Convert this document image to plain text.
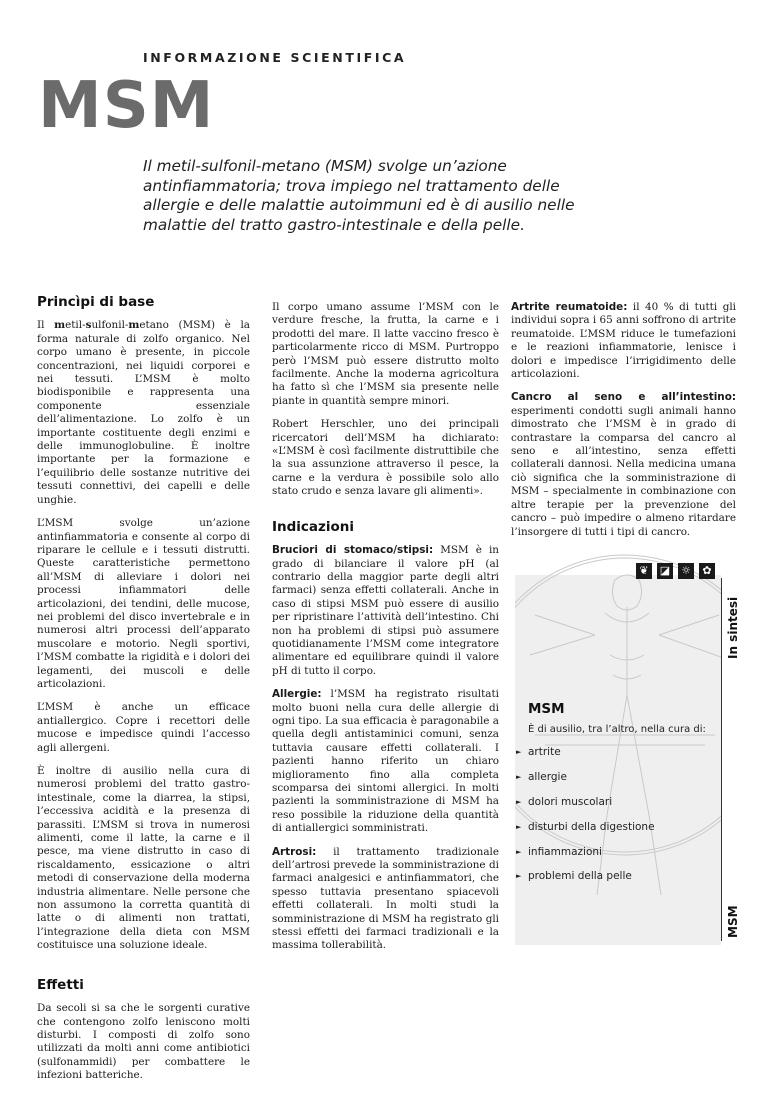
INFORMAZIONE SCIENTIFICA
MSM
Il metil-sulfonil-metano (MSM) svolge un’azione antinfiammatoria; trova impiego nel trattamento delle allergie e delle malattie autoimmuni ed è di ausilio nelle malattie del tratto gastro-intestinale e della pelle.
Princìpi di base

Il metil-sulfonil-metano (MSM) è la forma naturale di zolfo organico. Nel corpo umano è presente, in piccole concentrazioni, nei liquidi corporei e nei tessuti. L’MSM è molto biodisponibile e rappresenta una componente essenziale dell’alimentazione. Lo zolfo è un importante costituente degli enzimi e delle immunoglobuline. È inoltre importante per la formazione e l’equilibrio delle sostanze nutritive dei tessuti connettivi, dei capelli e delle unghie.

L’MSM svolge un’azione antinfiammatoria e consente al corpo di riparare le cellule e i tessuti distrutti. Queste caratteristiche permettono all’MSM di alleviare i dolori nei processi infiammatori delle articolazioni, dei tendini, delle mucose, nei problemi del disco invertebrale e in numerosi altri processi dell’apparato muscolare e motorio. Negli sportivi, l’MSM combatte la rigidità e i dolori dei legamenti, dei muscoli e delle articolazioni.

L’MSM è anche un efficace antiallergico. Copre i recettori delle mucose e impedisce quindi l’accesso agli allergeni.

È inoltre di ausilio nella cura di numerosi problemi del tratto gastro-intestinale, come la diarrea, la stipsi, l’eccessiva acidità e la presenza di parassiti. L’MSM si trova in numerosi alimenti, come il latte, la carne e il pesce, ma viene distrutto in caso di riscaldamento, essicazione o altri metodi di conservazione della moderna industria alimentare. Nelle persone che non assumono la corretta quantità di latte o di alimenti non trattati, l’integrazione della dieta con MSM costituisce una soluzione ideale.

Effetti

Da secoli si sa che le sorgenti curative che contengono zolfo leniscono molti disturbi. I composti di zolfo sono utilizzati da molti anni come antibiotici (sulfonammidi) per combattere le infezioni batteriche.

Il corpo umano assume l’MSM con le verdure fresche, la frutta, la carne e i prodotti del mare. Il latte vaccino fresco è particolarmente ricco di MSM. Purtroppo però l’MSM può essere distrutto molto facilmente. Anche la moderna agricoltura ha fatto sì che l’MSM sia presente nelle piante in quantità sempre minori.

Robert Herschler, uno dei principali ricercatori dell’MSM ha dichiarato: «L’MSM è così facilmente distruttibile che la sua assunzione attraverso il pesce, la carne e la verdura è possibile solo allo stato crudo e senza lavare gli alimenti».

Indicazioni

Bruciori di stomaco/stipsi: MSM è in grado di bilanciare il valore pH (al contrario della maggior parte degli altri farmaci) senza effetti collaterali. Anche in caso di stipsi MSM può essere di ausilio per ripristinare l’attività dell’intestino. Chi non ha problemi di stipsi può assumere quotidianamente l’MSM come integratore alimentare ed equilibrare quindi il valore pH di tutto il corpo.

Allergie: l’MSM ha registrato risultati molto buoni nella cura delle allergie di ogni tipo. La sua efficacia è paragonabile a quella degli antistaminici comuni, senza tuttavia causare effetti collaterali. I pazienti hanno riferito un chiaro miglioramento fino alla completa scomparsa dei sintomi allergici. In molti pazienti la somministrazione di MSM ha reso possibile la riduzione della quantità di antiallergici somministrati.

Artrosi: il trattamento tradizionale dell’artrosi prevede la somministrazione di farmaci analgesici e antinfiammatori, che spesso tuttavia presentano spiacevoli effetti collaterali. In molti studi la somministrazione di MSM ha registrato gli stessi effetti dei farmaci tradizionali e la massima tollerabilità.

Artrite reumatoide: il 40 % di tutti gli individui sopra i 65 anni soffrono di artrite reumatoide. L’MSM riduce le tumefazioni e le reazioni infiammatorie, lenisce i dolori e impedisce l’irrigidimento delle articolazioni.

Cancro al seno e all’intestino: esperimenti condotti sugli animali hanno dimostrato che l’MSM è in grado di contrastare la comparsa del cancro al seno e all’intestino, senza effetti collaterali dannosi. Nella medicina umana ciò significa che la somministrazione di MSM – specialmente in combinazione con altre terapie per la prevenzione del cancro – può impedire o almeno ritardare l’insorgere di tutti i tipi di cancro.

❦	◪ ☼	✿
In sintesi
MSM
MSM
È di ausilio, tra l’altro, nella cura di:
► artrite
► allergie
► dolori muscolari
► disturbi della digestione
► infiammazioni
► problemi della pelle
